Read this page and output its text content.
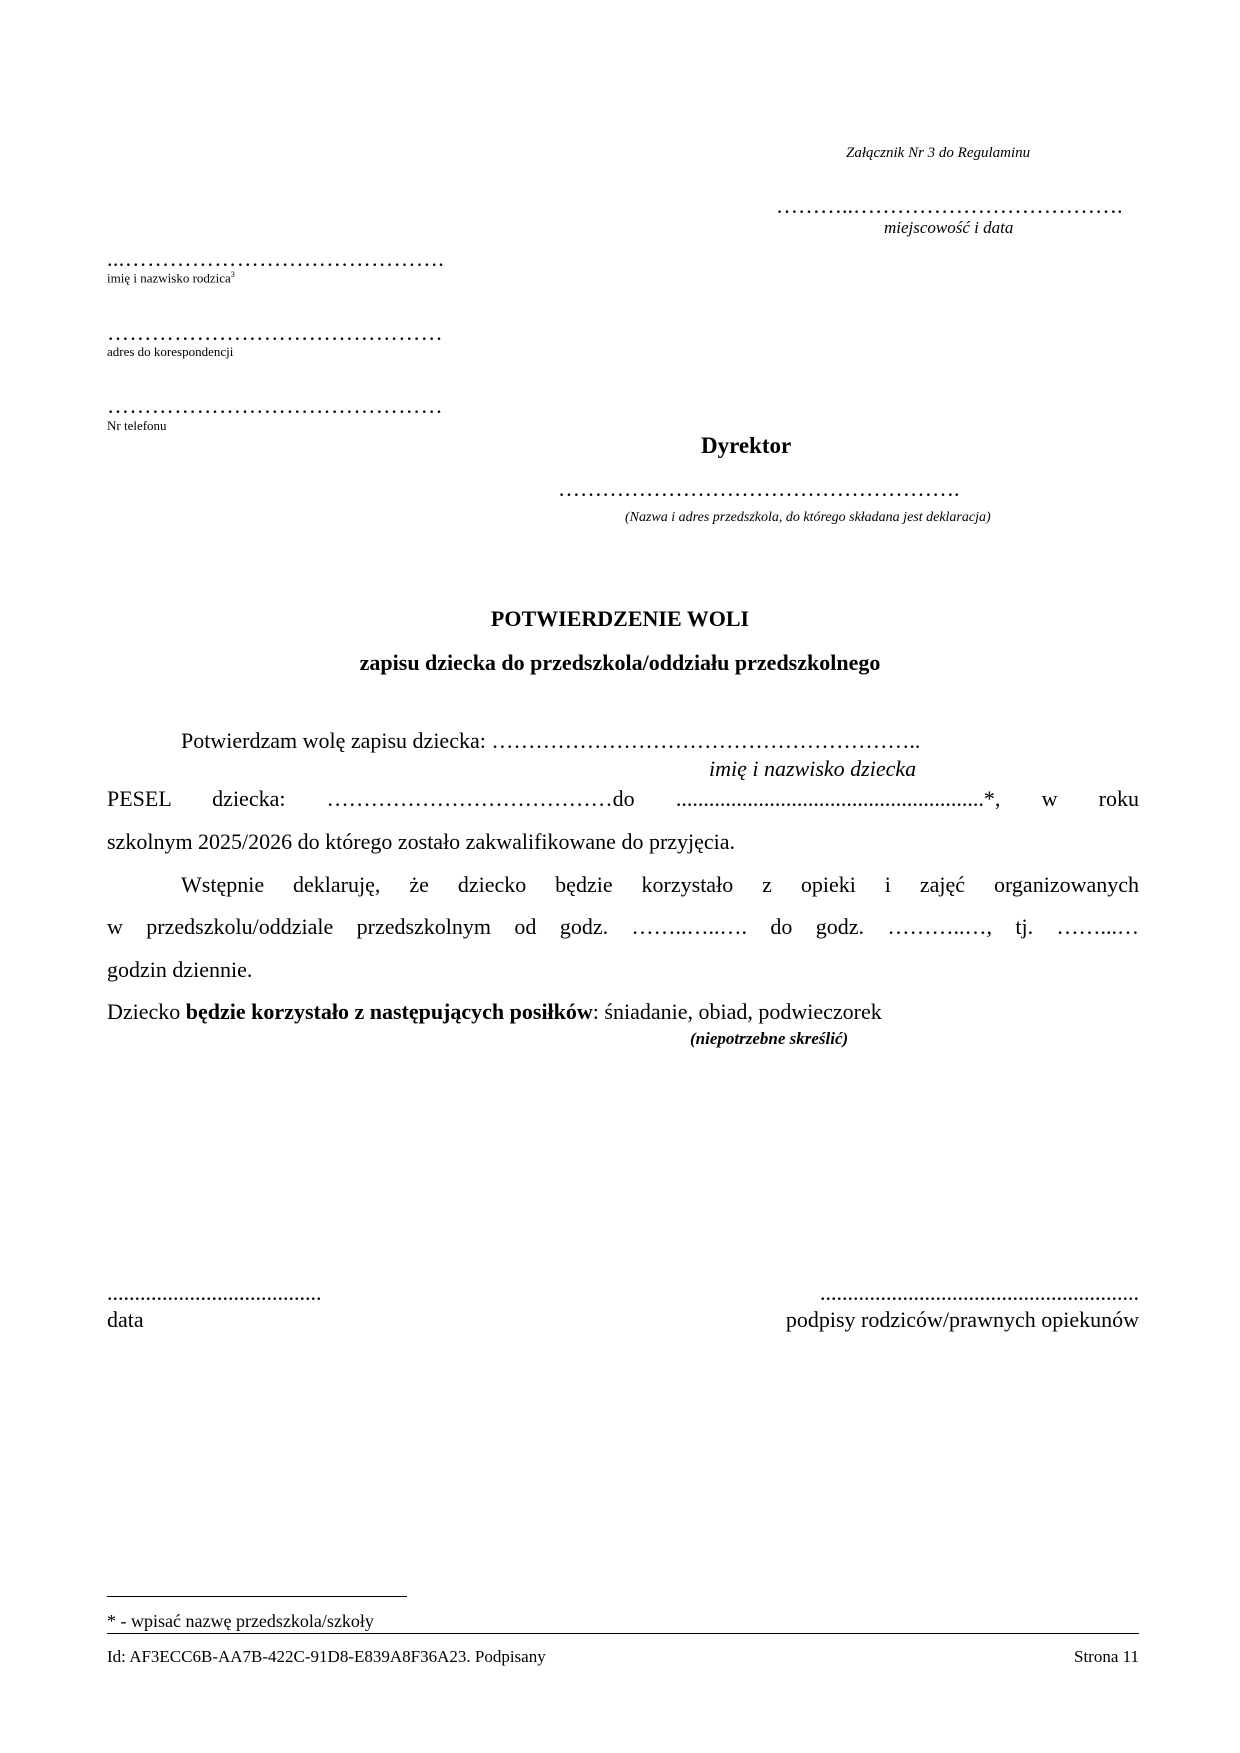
Załącznik Nr 3 do Regulaminu
………..……………………………….
miejscowość i data
...…………………………………….
imię i nazwisko rodzica$^3$
………………………………………
adres do korespondencji
………………………………………
Nr telefonu
Dyrektor
……………………………………………….
(Nazwa i adres przedszkola, do którego składana jest deklaracja)
POTWIERDZENIE WOLI
zapisu dziecka do przedszkola/oddziału przedszkolnego
Potwierdzam wolę zapisu dziecka: …………………………………………………..
imię i nazwisko dziecka
PESEL dziecka: …………………………………do ........................................................*, w roku
szkolnym 2025/2026 do którego zostało zakwalifikowane do przyjęcia.
Wstępnie deklaruję, że dziecko będzie korzystało z opieki i zajęć organizowanych
w przedszkolu/oddziale przedszkolnym od godz. ……..…..…. do godz. ………..…, tj. ……...…
godzin dziennie.
Dziecko będzie korzystało z następujących posiłków: śniadanie, obiad, podwieczorek
(niepotrzebne skreślić)
.......................................
data
..........................................................
podpisy rodziców/prawnych opiekunów
* - wpisać nazwę przedszkola/szkoły
Id: AF3ECC6B-AA7B-422C-91D8-E839A8F36A23. Podpisany	Strona 11
